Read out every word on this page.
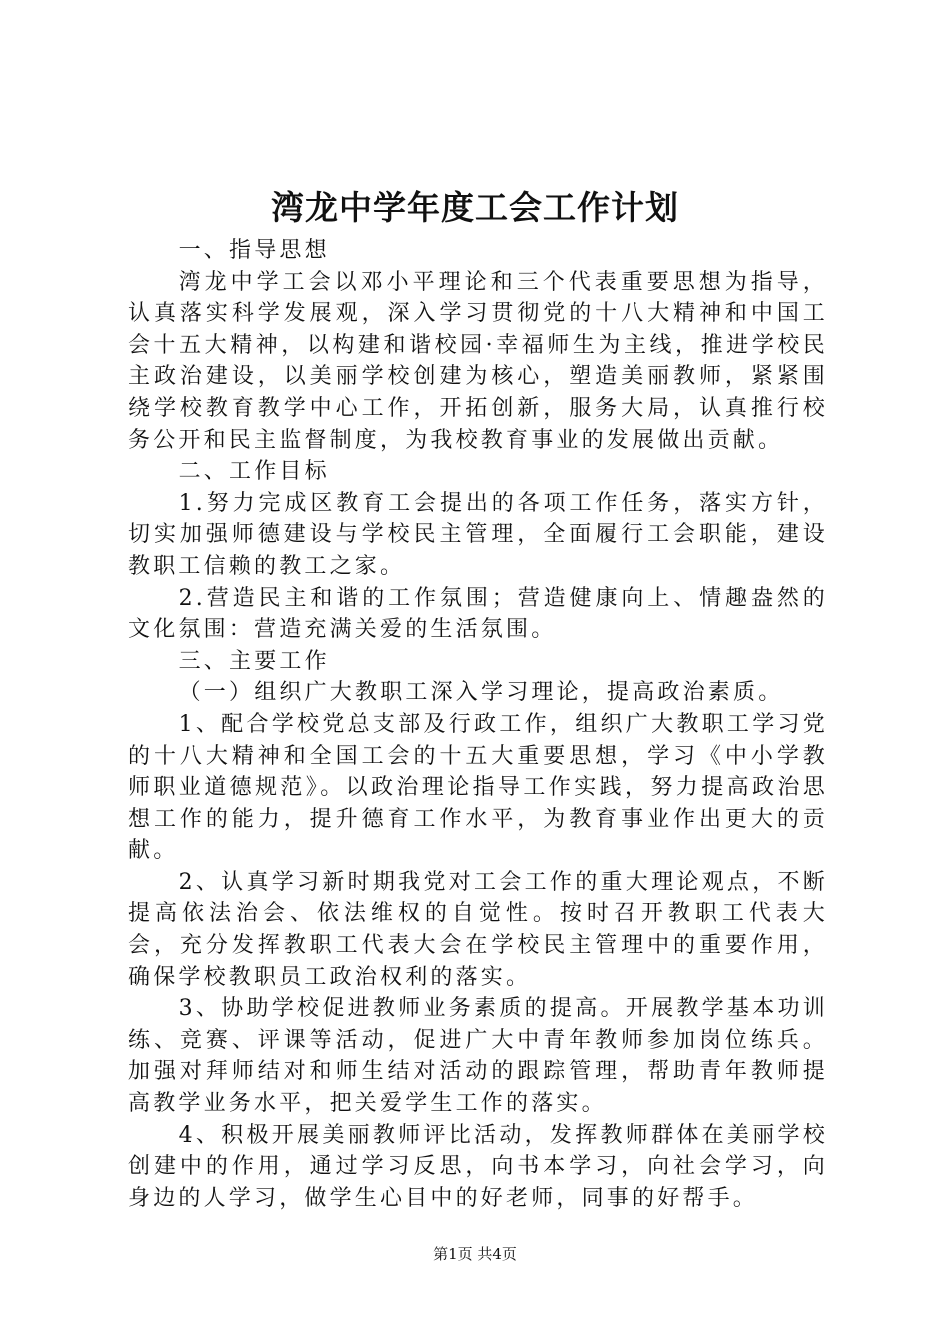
湾龙中学年度工会工作计划

一、指导思想

湾龙中学工会以邓小平理论和三个代表重要思想为指导，认真落实科学发展观，深入学习贯彻党的十八大精神和中国工会十五大精神，以构建和谐校园·幸福师生为主线，推进学校民主政治建设，以美丽学校创建为核心，塑造美丽教师，紧紧围绕学校教育教学中心工作，开拓创新，服务大局，认真推行校务公开和民主监督制度，为我校教育事业的发展做出贡献。

二、工作目标

1.努力完成区教育工会提出的各项工作任务，落实方针，切实加强师德建设与学校民主管理，全面履行工会职能，建设教职工信赖的教工之家。

2.营造民主和谐的工作氛围；营造健康向上、情趣盎然的文化氛围：营造充满关爱的生活氛围。

三、主要工作

（一）组织广大教职工深入学习理论，提高政治素质。

1、配合学校党总支部及行政工作，组织广大教职工学习党的十八大精神和全国工会的十五大重要思想，学习《中小学教师职业道德规范》。以政治理论指导工作实践，努力提高政治思想工作的能力，提升德育工作水平，为教育事业作出更大的贡献。

2、认真学习新时期我党对工会工作的重大理论观点，不断提高依法治会、依法维权的自觉性。按时召开教职工代表大会，充分发挥教职工代表大会在学校民主管理中的重要作用，确保学校教职员工政治权利的落实。

3、协助学校促进教师业务素质的提高。开展教学基本功训练、竞赛、评课等活动，促进广大中青年教师参加岗位练兵。加强对拜师结对和师生结对活动的跟踪管理，帮助青年教师提高教学业务水平，把关爱学生工作的落实。

4、积极开展美丽教师评比活动，发挥教师群体在美丽学校创建中的作用，通过学习反思，向书本学习，向社会学习，向身边的人学习，做学生心目中的好老师，同事的好帮手。

第1页 共4页
